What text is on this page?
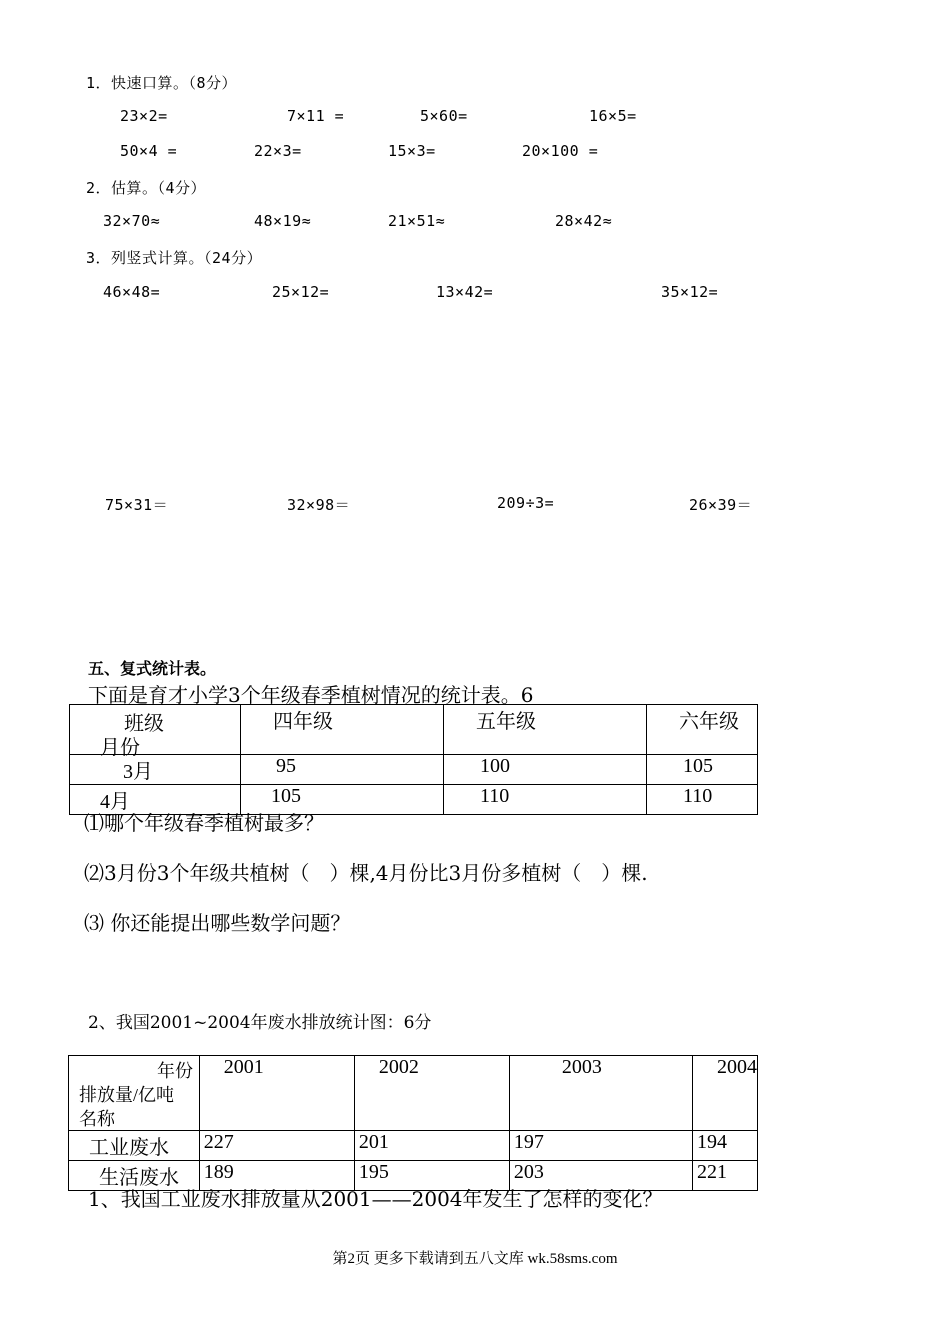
1．快速口算。（8分）
23×2=	7×11 =	5×60=	16×5=
50×4 =	22×3=	15×3=	20×100 =
2．估算。（4分）
32×70≈	48×19≈	21×51≈	28×42≈
3．列竖式计算。（24分）
46×48=	25×12=	13×42=	35×12=
75×31＝	32×98＝	209÷3=	26×39＝
五、复式统计表。
下面是育才小学3个年级春季植树情况的统计表。6
班级
月份	四年级	五年级	六年级
3月	95	100	105
4月	105	110	110
⑴哪个年级春季植树最多？
⑵3月份3个年级共植树（　）棵,4月份比3月份多植树（　）棵.
⑶ 你还能提出哪些数学问题？
2、我国2001~2004年废水排放统计图：6分
年份
排放量/亿吨
名称	2001	2002	2003	2004
工业废水	227	201	197	194
生活废水	189	195	203	221
1、我国工业废水排放量从2001——2004年发生了怎样的变化？
第2页 更多下载请到五八文库 wk.58sms.com
